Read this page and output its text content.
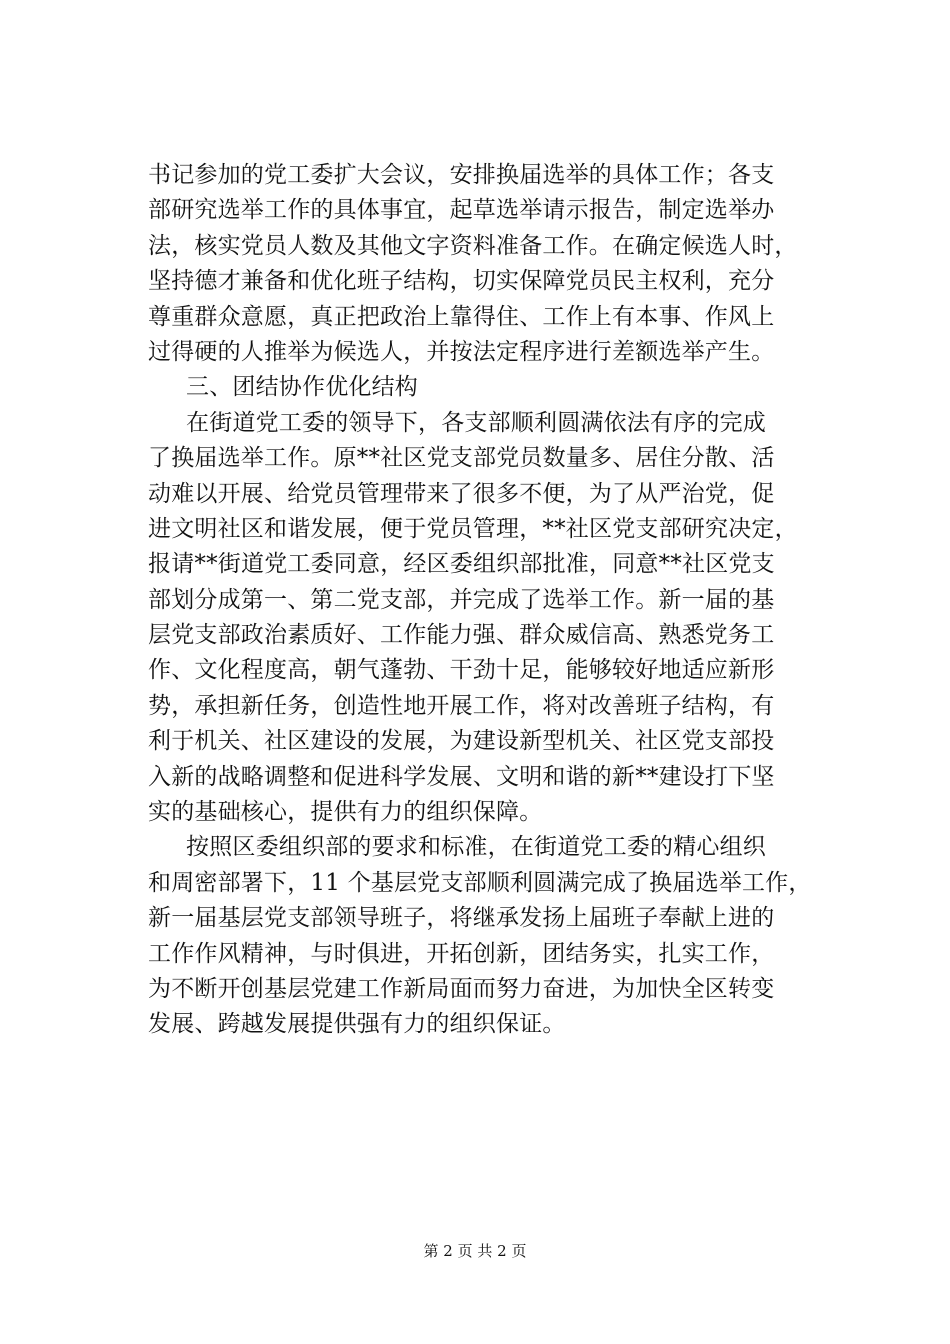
书记参加的党工委扩大会议，安排换届选举的具体工作；各支
部研究选举工作的具体事宜，起草选举请示报告，制定选举办
法，核实党员人数及其他文字资料准备工作。在确定候选人时，
坚持德才兼备和优化班子结构，切实保障党员民主权利，充分
尊重群众意愿，真正把政治上靠得住、工作上有本事、作风上
过得硬的人推举为候选人，并按法定程序进行差额选举产生。
三、团结协作优化结构
在街道党工委的领导下，各支部顺利圆满依法有序的完成
了换届选举工作。原**社区党支部党员数量多、居住分散、活
动难以开展、给党员管理带来了很多不便，为了从严治党，促
进文明社区和谐发展，便于党员管理，**社区党支部研究决定，
报请**街道党工委同意，经区委组织部批准，同意**社区党支
部划分成第一、第二党支部，并完成了选举工作。新一届的基
层党支部政治素质好、工作能力强、群众威信高、熟悉党务工
作、文化程度高，朝气蓬勃、干劲十足，能够较好地适应新形
势，承担新任务，创造性地开展工作，将对改善班子结构，有
利于机关、社区建设的发展，为建设新型机关、社区党支部投
入新的战略调整和促进科学发展、文明和谐的新**建设打下坚
实的基础核心，提供有力的组织保障。
按照区委组织部的要求和标准，在街道党工委的精心组织
和周密部署下，11 个基层党支部顺利圆满完成了换届选举工作，
新一届基层党支部领导班子，将继承发扬上届班子奉献上进的
工作作风精神，与时俱进，开拓创新，团结务实，扎实工作，
为不断开创基层党建工作新局面而努力奋进，为加快全区转变
发展、跨越发展提供强有力的组织保证。
第 2 页 共 2 页
